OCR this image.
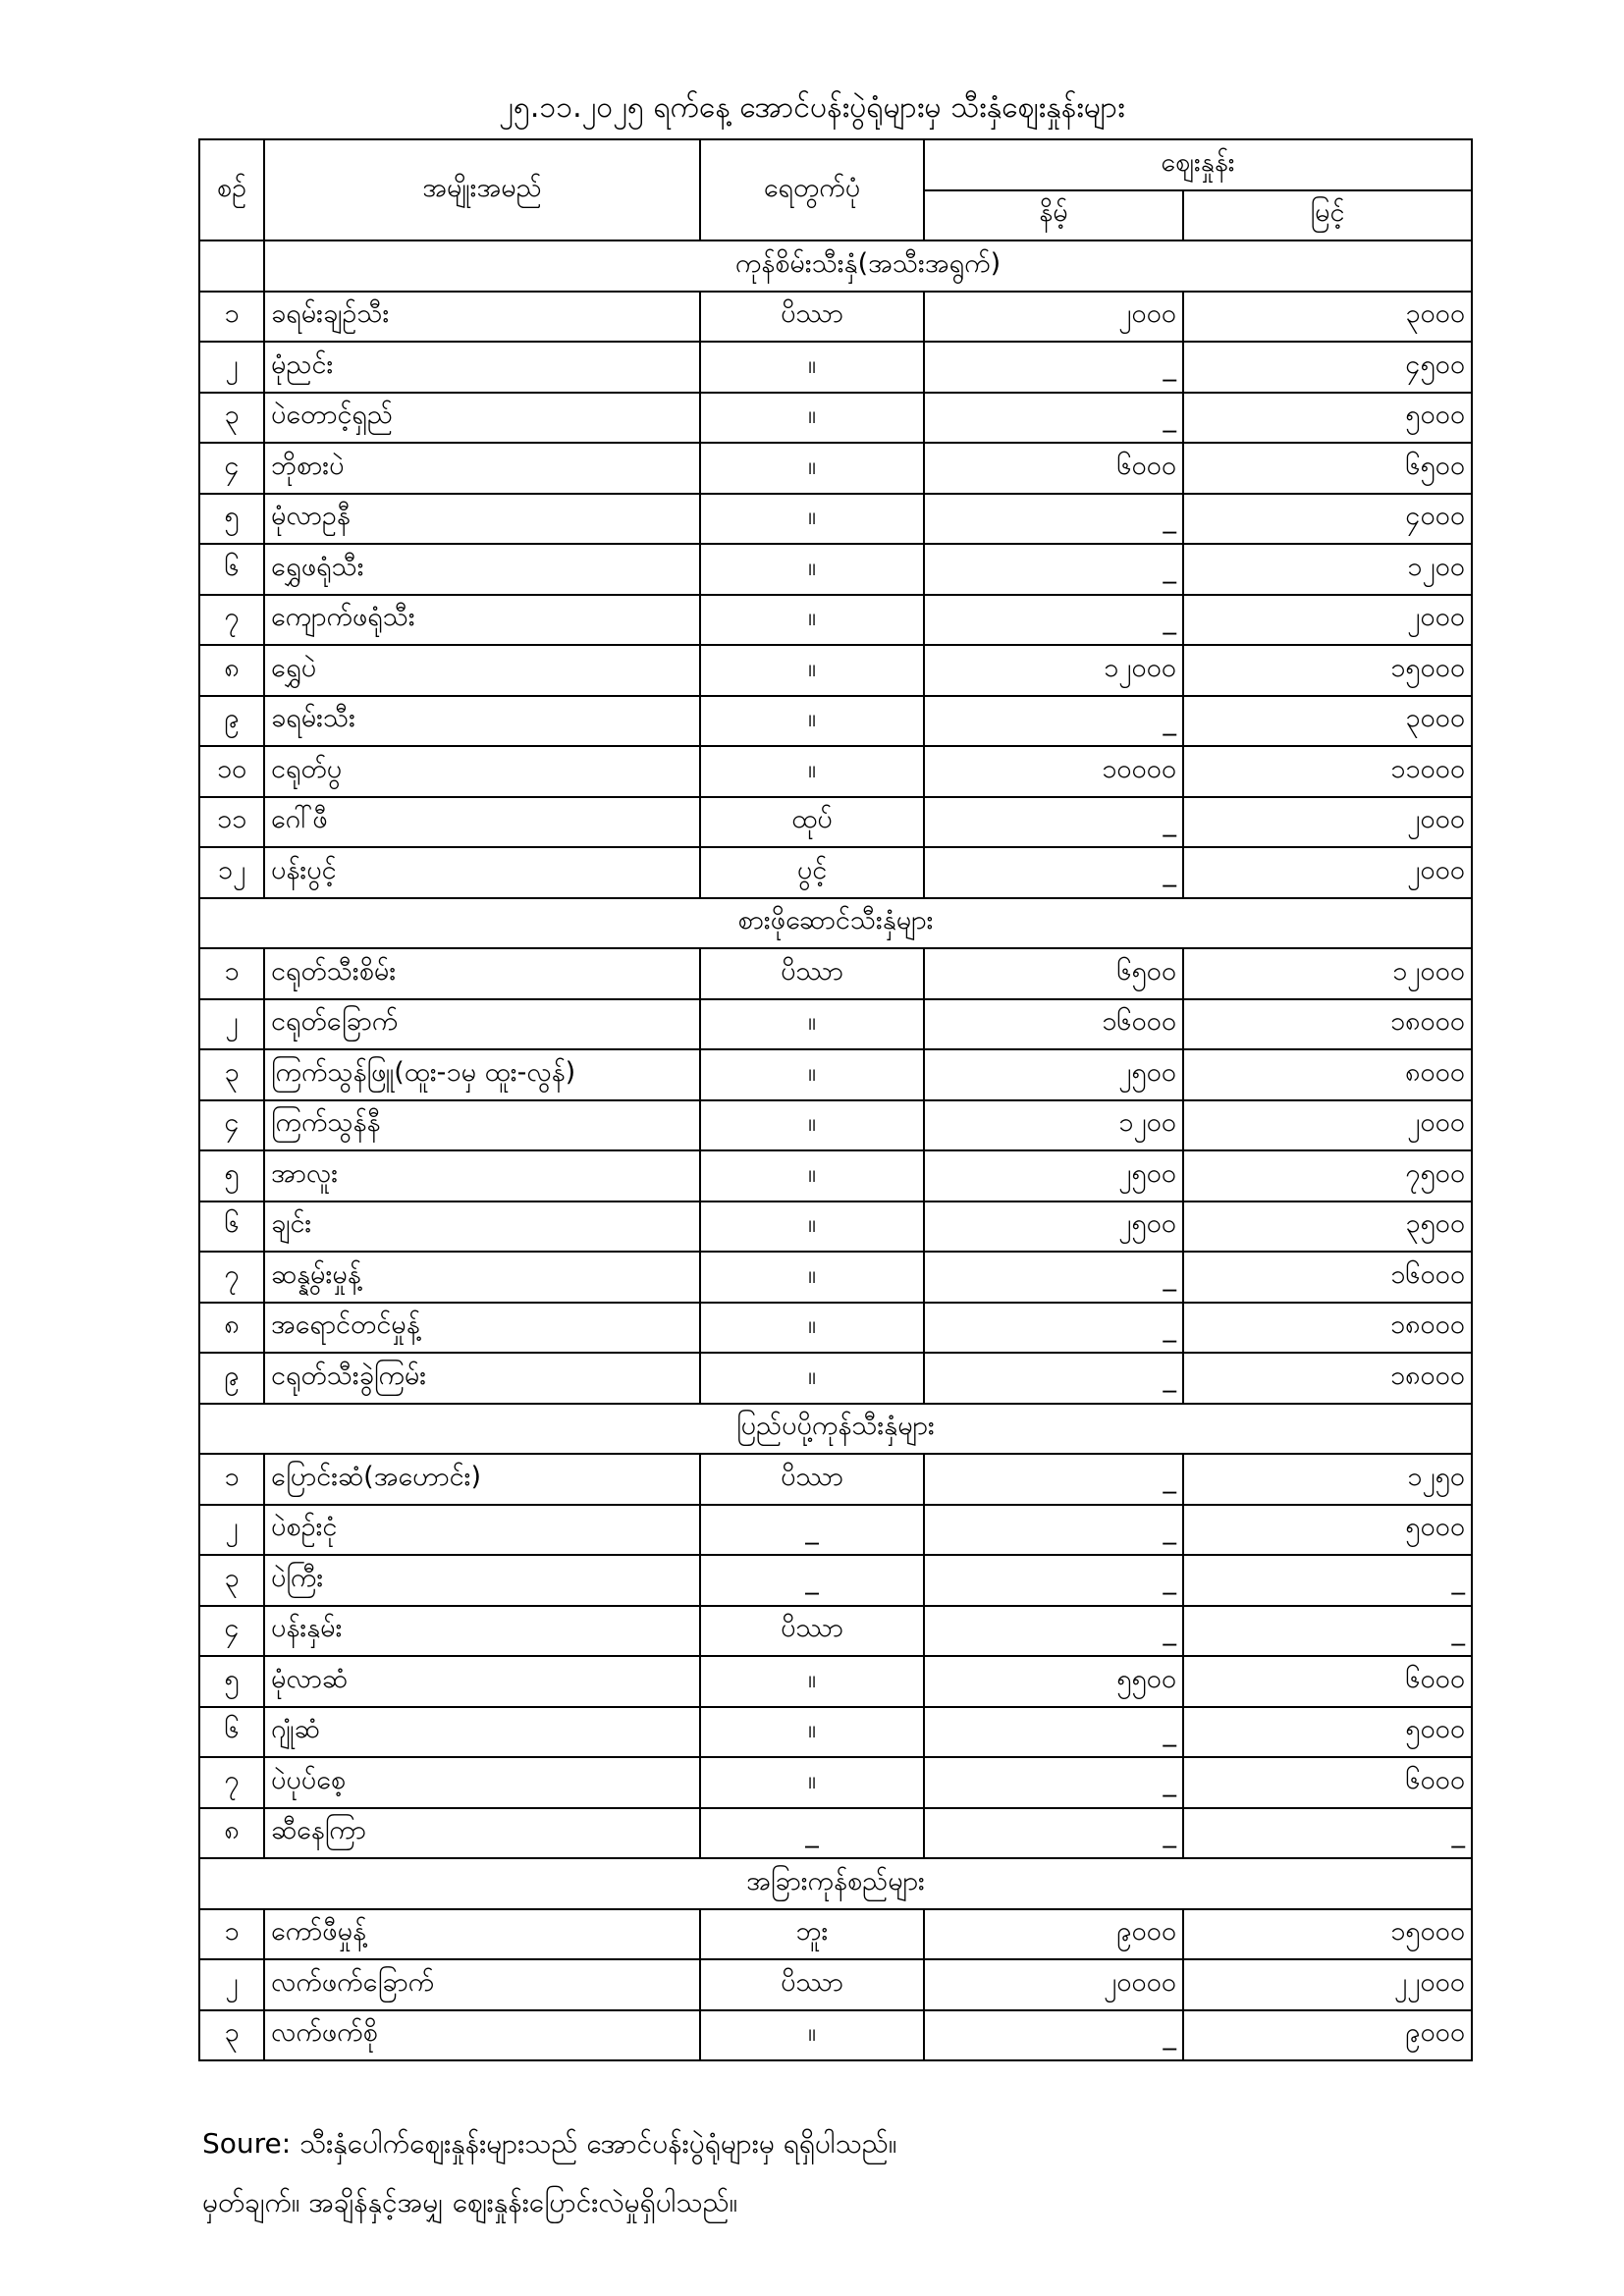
၂၅.၁၁.၂၀၂၅ ရက်နေ့ အောင်ပန်းပွဲရုံများမှ သီးနှံဈေးနှုန်းများ
စဉ်	အမျိုးအမည်	ရေတွက်ပုံ	ဈေးနှုန်း	
			နိမ့်	မြင့်
	ကုန်စိမ်းသီးနှံ(အသီးအရွက်)			
၁	ခရမ်းချဉ်သီး	ပိဿာ	၂၀၀၀	၃၀၀၀
၂	မုံညင်း	။	_	၄၅၀၀
၃	ပဲတောင့်ရှည်	။	_	၅၀၀၀
၄	ဘိုစားပဲ	။	၆၀၀၀	၆၅၀၀
၅	မုံလာဥနီ	။	_	၄၀၀၀
၆	ရွှေဖရုံသီး	။	_	၁၂၀၀
၇	ကျောက်ဖရုံသီး	။	_	၂၀၀၀
၈	ရွှေပဲ	။	၁၂၀၀၀	၁၅၀၀၀
၉	ခရမ်းသီး	။	_	၃၀၀၀
၁၀	ငရုတ်ပွ	။	၁၀၀၀၀	၁၁၀၀၀
၁၁	ဂေါ်ဖီ	ထုပ်	_	၂၀၀၀
၁၂	ပန်းပွင့်	ပွင့်	_	၂၀၀၀
စားဖိုဆောင်သီးနှံများ				
၁	ငရုတ်သီးစိမ်း	ပိဿာ	၆၅၀၀	၁၂၀၀၀
၂	ငရုတ်ခြောက်	။	၁၆၀၀၀	၁၈၀၀၀
၃	ကြက်သွန်ဖြူ(ထူး-၁မှ ထူး-လွန်)	။	၂၅၀၀	၈၀၀၀
၄	ကြက်သွန်နီ	။	၁၂၀၀	၂၀၀၀
၅	အာလူး	။	၂၅၀၀	၇၅၀၀
၆	ချင်း	။	၂၅၀၀	၃၅၀၀
၇	ဆန္နွမ်းမှုန့်	။	_	၁၆၀၀၀
၈	အရောင်တင်မှုန့်	။	_	၁၈၀၀၀
၉	ငရုတ်သီးခွဲကြမ်း	။	_	၁၈၀၀၀
ပြည်ပပို့ကုန်သီးနှံများ				
၁	ပြောင်းဆံ(အဟောင်း)	ပိဿာ	_	၁၂၅၀
၂	ပဲစဉ်းငုံ	_	_	၅၀၀၀
၃	ပဲကြီး	_	_	_
၄	ပန်းနှမ်း	ပိဿာ	_	_
၅	မုံလာဆံ	။	၅၅၀၀	၆၀၀၀
၆	ဂျုံဆံ	။	_	၅၀၀၀
၇	ပဲပုပ်စေ့	။	_	၆၀၀၀
၈	ဆီနေကြာ	_	_	_
အခြားကုန်စည်များ				
၁	ကော်ဖီမှုန့်	ဘူး	၉၀၀၀	၁၅၀၀၀
၂	လက်ဖက်ခြောက်	ပိဿာ	၂၀၀၀၀	၂၂၀၀၀
၃	လက်ဖက်စို	။	_	၉၀၀၀
Soure: သီးနှံပေါက်ဈေးနှုန်းများသည် အောင်ပန်းပွဲရုံများမှ ရရှိပါသည်။
မှတ်ချက်။ အချိန်နှင့်အမျှ ဈေးနှုန်းပြောင်းလဲမှုရှိပါသည်။
